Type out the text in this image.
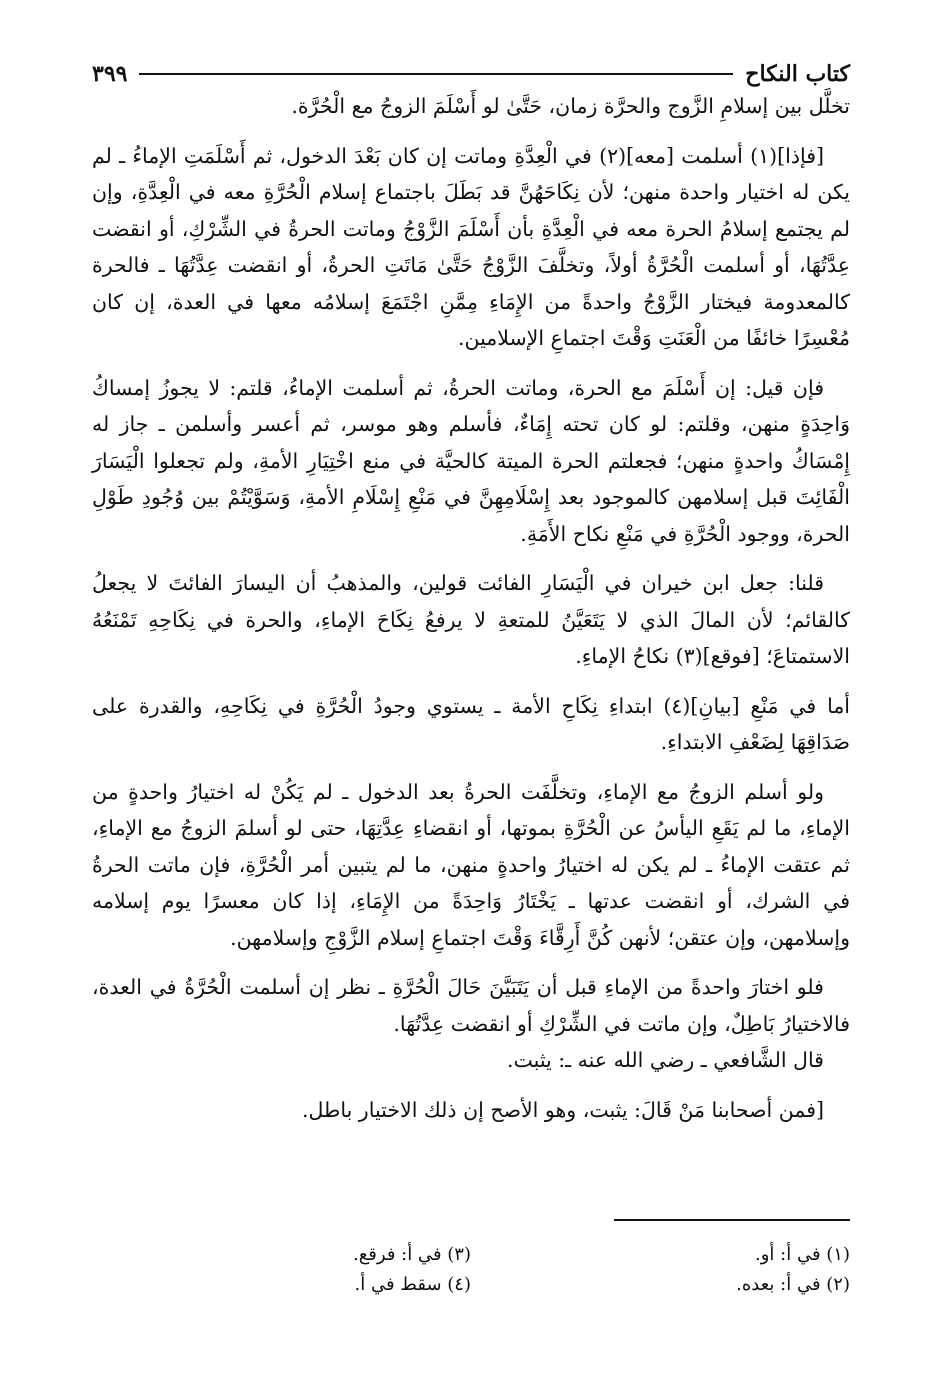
كتاب النكاح
٣٩٩

تخلَّل بين إسلامِ الزَّوج والحرَّة زمان، حَتَّىٰ لو أَسْلَمَ الزوجُ مع الْحُرَّة.

[فإذا](١) أسلمت [معه](٢) في الْعِدَّةِ وماتت إن كان بَعْدَ الدخول، ثم أَسْلَمَتِ الإماءُ ـ لم يكن له اختيار واحدة منهن؛ لأن نِكَاحَهُنَّ قد بَطَلَ باجتماع إسلام الْحُرَّةِ معه في الْعِدَّةِ، وإن لم يجتمع إسلامُ الحرة معه في الْعِدَّةِ بأن أَسْلَمَ الزَّوْجُ وماتت الحرةُ في الشِّرْكِ، أو انقضت عِدَّتُهَا، أو أسلمت الْحُرَّةُ أولاً، وتخلَّفَ الزَّوْجُ حَتَّىٰ مَاتَتِ الحرةُ، أو انقضت عِدَّتُهَا ـ فالحرة كالمعدومة فيختار الزَّوْجُ واحدةً من الإِمَاءِ مِمَّنِ اجْتَمَعَ إسلامُه معها في العدة، إن كان مُعْسِرًا خائفًا من الْعَنَتِ وَقْتَ اجتماعِ الإسلامين.

فإن قيل: إن أَسْلَمَ مع الحرة، وماتت الحرةُ، ثم أسلمت الإماءُ، قلتم: لا يجوزُ إمساكُ وَاحِدَةٍ منهن، وقلتم: لو كان تحته إِمَاءٌ، فأسلم وهو موسر، ثم أعسر وأسلمن ـ جاز له إِمْسَاكُ واحدةٍ منهن؛ فجعلتم الحرة الميتة كالحيَّة في منع اخْتِيَارِ الأمةِ، ولم تجعلوا الْيَسَارَ الْفَائِتَ قبل إسلامهن كالموجود بعد إِسْلَامِهِنَّ في مَنْعِ إِسْلَامِ الأمةِ، وَسَوَّيْتُمْ بين وُجُودِ طَوْلِ الحرة، ووجود الْحُرَّةِ في مَنْعِ نكاح الأَمَةِ.

قلنا: جعل ابن خيران في الْيَسَارِ الفائت قولين، والمذهبُ أن اليسارَ الفائتَ لا يجعلُ كالقائم؛ لأن المالَ الذي لا يَتَعَيَّنُ للمتعةِ لا يرفعُ نِكَاحَ الإماءِ، والحرة في نِكَاحِهِ تَمْنَعُهُ الاستمتاعَ؛ [فوقع](٣) نكاحُ الإماءِ.

أما في مَنْعِ [بيانِ](٤) ابتداءِ نِكَاحِ الأمة ـ يستوي وجودُ الْحُرَّةِ في نِكَاحِهِ، والقدرة على صَدَاقِهَا لِضَعْفِ الابتداءِ.

ولو أسلم الزوجُ مع الإماءِ، وتخلَّفَت الحرةُ بعد الدخول ـ لم يَكُنْ له اختيارُ واحدةٍ من الإماءِ، ما لم يَقَعِ اليأسُ عن الْحُرَّةِ بموتها، أو انقضاءِ عِدَّتِهَا، حتى لو أسلمَ الزوجُ مع الإماءِ، ثم عتقت الإماءُ ـ لم يكن له اختيارُ واحدةٍ منهن، ما لم يتبين أمر الْحُرَّةِ، فإن ماتت الحرةُ في الشرك، أو انقضت عدتها ـ يَخْتَارُ وَاحِدَةً من الإِمَاءِ، إذا كان معسرًا يوم إسلامه وإسلامهن، وإن عتقن؛ لأنهن كُنَّ أَرِقَّاءَ وَقْتَ اجتماعِ إسلام الزَّوْجِ وإسلامهن.

فلو اختارَ واحدةً من الإماءِ قبل أن يَتَبَيَّنَ حَالَ الْحُرَّةِ ـ نظر إن أسلمت الْحُرَّةُ في العدة، فالاختيارُ بَاطِلٌ، وإن ماتت في الشِّرْكِ أو انقضت عِدَّتُهَا.

قال الشَّافعي ـ رضي الله عنه ـ: يثبت.

[فمن أصحابنا مَنْ قَالَ: يثبت، وهو الأصح إن ذلك الاختيار باطل.

(١) في أ: أو.
(٣) في أ: فرقع.
(٢) في أ: بعده.
(٤) سقط في أ.
